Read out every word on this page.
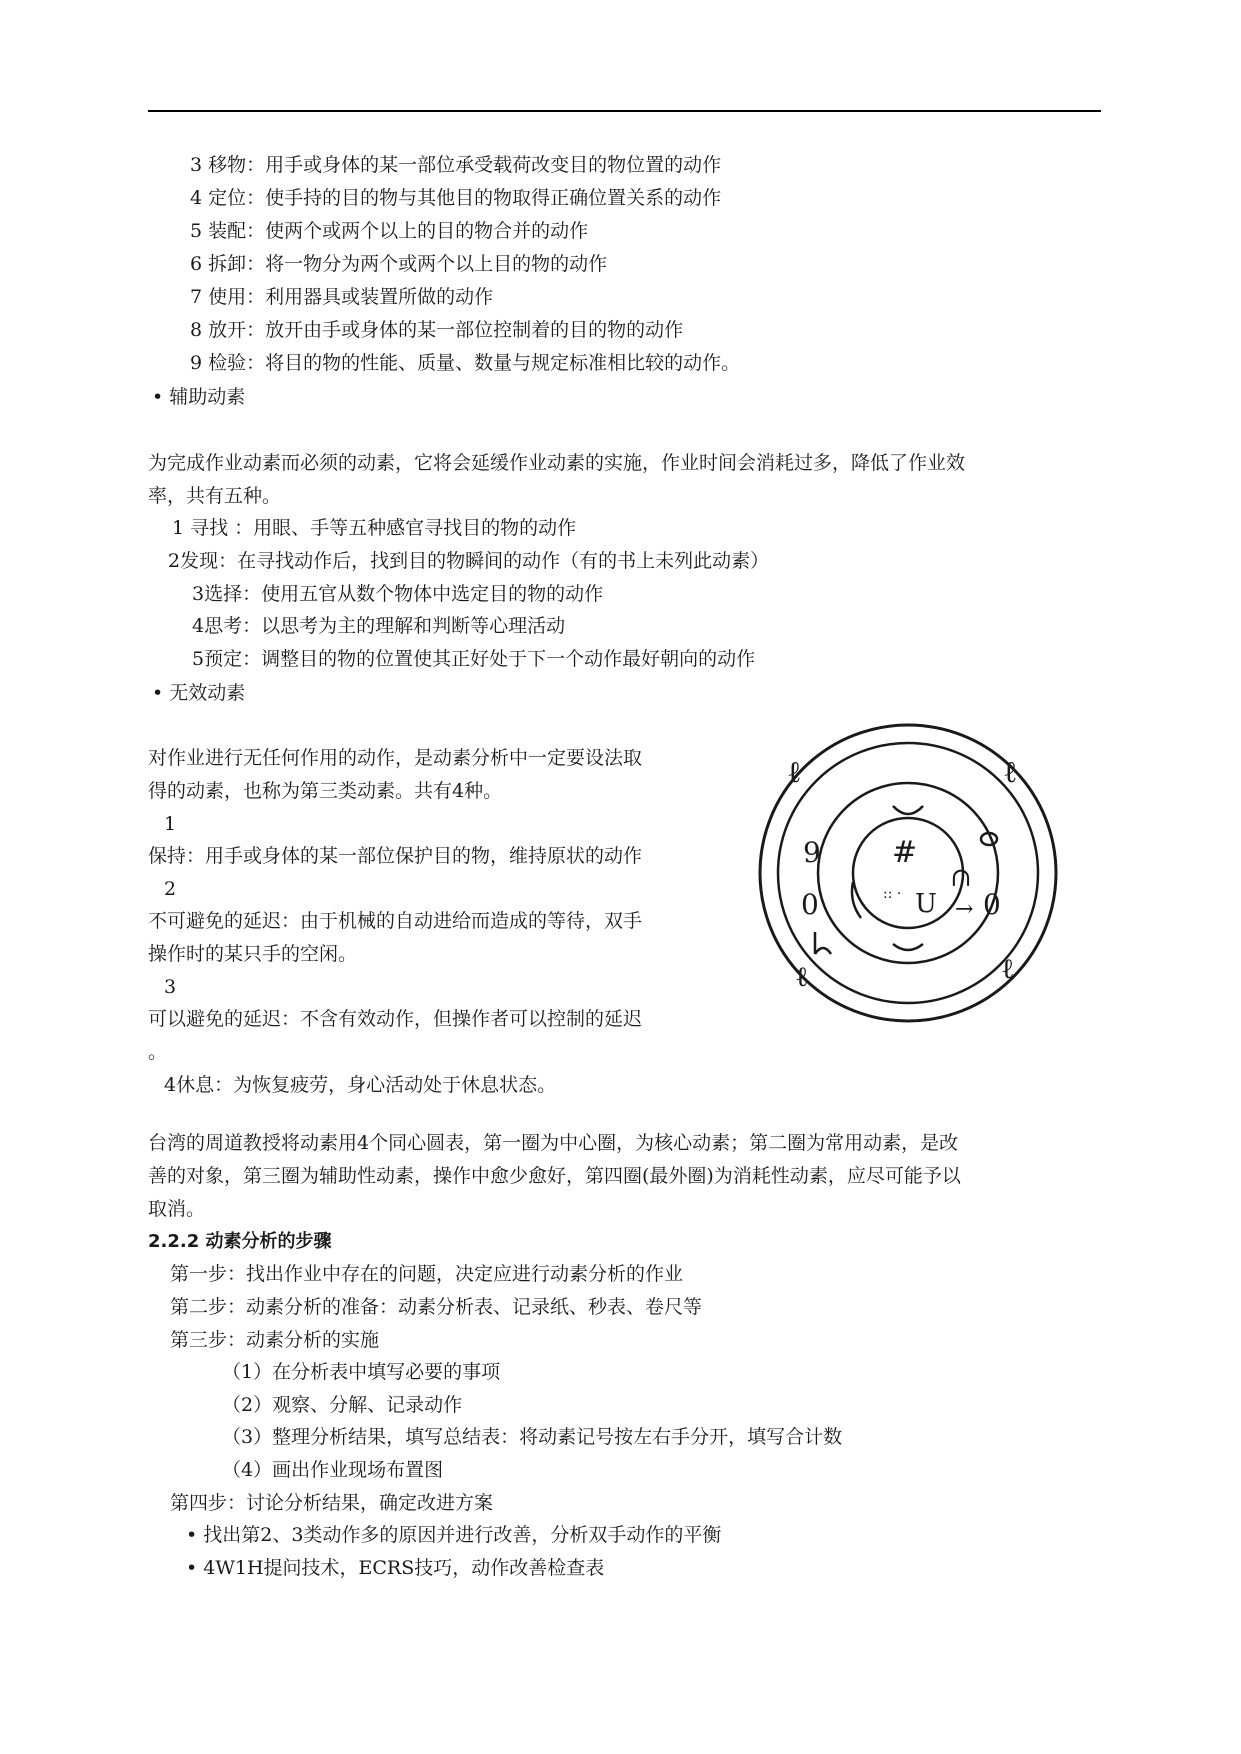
3 移物：用手或身体的某一部位承受载荷改变目的物位置的动作
4 定位：使手持的目的物与其他目的物取得正确位置关系的动作
5 装配：使两个或两个以上的目的物合并的动作
6 拆卸：将一物分为两个或两个以上目的物的动作
7 使用：利用器具或装置所做的动作
8 放开：放开由手或身体的某一部位控制着的目的物的动作
9 检验：将目的物的性能、质量、数量与规定标准相比较的动作。
• 辅助动素
为完成作业动素而必须的动素，它将会延缓作业动素的实施，作业时间会消耗过多，降低了作业效
率，共有五种。
1 寻找 ：用眼、手等五种感官寻找目的物的动作
2发现：在寻找动作后，找到目的物瞬间的动作（有的书上未列此动素）
3选择：使用五官从数个物体中选定目的物的动作
4思考：以思考为主的理解和判断等心理活动
5预定：调整目的物的位置使其正好处于下一个动作最好朝向的动作
• 无效动素
对作业进行无任何作用的动作，是动素分析中一定要设法取
得的动素，也称为第三类动素。共有4种。
1
保持：用手或身体的某一部位保护目的物，维持原状的动作
2
不可避免的延迟：由于机械的自动进给而造成的等待，双手
操作时的某只手的空闲。
3
可以避免的延迟：不含有效动作，但操作者可以控制的延迟
。
4休息：为恢复疲劳，身心活动处于休息状态。
#
U
:: ·
∩
→
9
0	0
ℓ	ℓ
ℓ	ℓ
台湾的周道教授将动素用4个同心圆表，第一圈为中心圈，为核心动素；第二圈为常用动素，是改
善的对象，第三圈为辅助性动素，操作中愈少愈好，第四圈(最外圈)为消耗性动素，应尽可能予以
取消。
2.2.2 动素分析的步骤
第一步：找出作业中存在的问题，决定应进行动素分析的作业
第二步：动素分析的准备：动素分析表、记录纸、秒表、卷尺等
第三步：动素分析的实施
（1）在分析表中填写必要的事项
（2）观察、分解、记录动作
（3）整理分析结果，填写总结表：将动素记号按左右手分开，填写合计数
（4）画出作业现场布置图
第四步：讨论分析结果，确定改进方案
• 找出第2、3类动作多的原因并进行改善，分析双手动作的平衡
• 4W1H提问技术，ECRS技巧，动作改善检查表
